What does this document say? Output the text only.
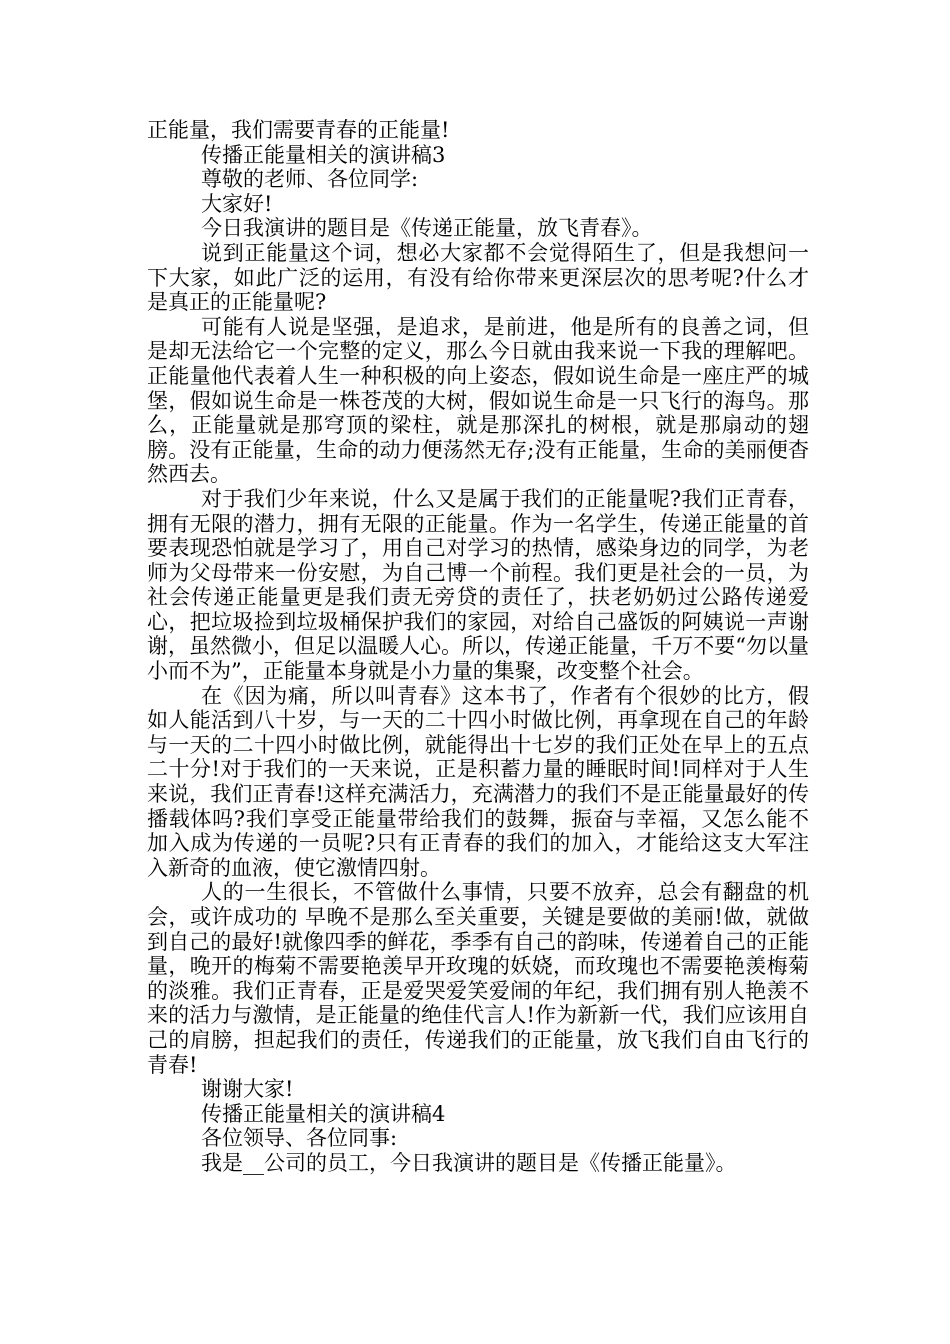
正能量，我们需要青春的正能量!

传播正能量相关的演讲稿3

尊敬的老师、各位同学:

大家好!

今日我演讲的题目是《传递正能量，放飞青春》。

说到正能量这个词，想必大家都不会觉得陌生了，但是我想问一下大家，如此广泛的运用，有没有给你带来更深层次的思考呢?什么才是真正的正能量呢?

可能有人说是坚强，是追求，是前进，他是所有的良善之词，但是却无法给它一个完整的定义，那么今日就由我来说一下我的理解吧。正能量他代表着人生一种积极的向上姿态，假如说生命是一座庄严的城堡，假如说生命是一株苍茂的大树，假如说生命是一只飞行的海鸟。那么，正能量就是那穹顶的梁柱，就是那深扎的树根，就是那扇动的翅膀。没有正能量，生命的动力便荡然无存;没有正能量，生命的美丽便杳然西去。

对于我们少年来说，什么又是属于我们的正能量呢?我们正青春，拥有无限的潜力，拥有无限的正能量。作为一名学生，传递正能量的首要表现恐怕就是学习了，用自己对学习的热情，感染身边的同学，为老师为父母带来一份安慰，为自己博一个前程。我们更是社会的一员，为社会传递正能量更是我们责无旁贷的责任了，扶老奶奶过公路传递爱心，把垃圾捡到垃圾桶保护我们的家园，对给自己盛饭的阿姨说一声谢谢，虽然微小，但足以温暖人心。所以，传递正能量，千万不要“勿以量小而不为”，正能量本身就是小力量的集聚，改变整个社会。

在《因为痛，所以叫青春》这本书了，作者有个很妙的比方，假如人能活到八十岁，与一天的二十四小时做比例，再拿现在自己的年龄与一天的二十四小时做比例，就能得出十七岁的我们正处在早上的五点二十分!对于我们的一天来说，正是积蓄力量的睡眠时间!同样对于人生来说，我们正青春!这样充满活力，充满潜力的我们不是正能量最好的传播载体吗?我们享受正能量带给我们的鼓舞，振奋与幸福，又怎么能不加入成为传递的一员呢?只有正青春的我们的加入，才能给这支大军注入新奇的血液，使它激情四射。

人的一生很长，不管做什么事情，只要不放弃，总会有翻盘的机会，或许成功的 早晚不是那么至关重要，关键是要做的美丽!做，就做到自己的最好!就像四季的鲜花，季季有自己的韵味，传递着自己的正能量，晚开的梅菊不需要艳羡早开玫瑰的妖娆，而玫瑰也不需要艳羡梅菊的淡雅。我们正青春，正是爱哭爱笑爱闹的年纪，我们拥有别人艳羡不来的活力与激情，是正能量的绝佳代言人!作为新新一代，我们应该用自己的肩膀，担起我们的责任，传递我们的正能量，放飞我们自由飞行的青春!

谢谢大家!

传播正能量相关的演讲稿4

各位领导、各位同事:

我是__公司的员工，今日我演讲的题目是《传播正能量》。
